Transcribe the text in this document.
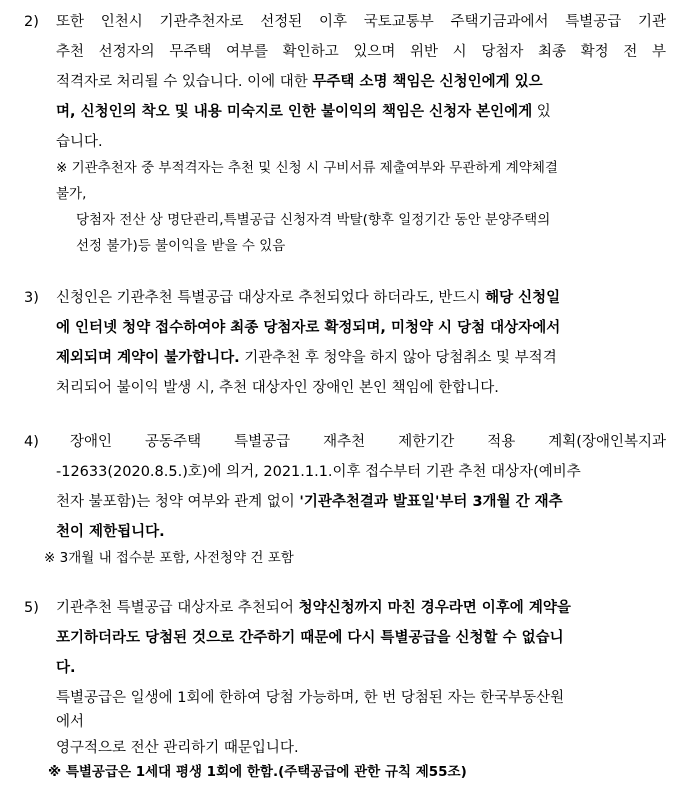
2) 또한 인천시 기관추천자로 선정된 이후 국토교통부 주택기금과에서 특별공급 기관
추천 선정자의 무주택 여부를 확인하고 있으며 위반 시 당첨자 최종 확정 전 부
적격자로 처리될 수 있습니다. 이에 대한 무주택 소명 책임은 신청인에게 있으
며, 신청인의 착오 및 내용 미숙지로 인한 불이익의 책임은 신청자 본인에게 있
습니다.
※ 기관추천자 중 부적격자는 추천 및 신청 시 구비서류 제출여부와 무관하게 계약체결
불가,
당첨자 전산 상 명단관리,특별공급 신청자격 박탈(향후 일정기간 동안 분양주택의
선정 불가)등 불이익을 받을 수 있음
3) 신청인은 기관추천 특별공급 대상자로 추천되었다 하더라도, 반드시 해당 신청일
에 인터넷 청약 접수하여야 최종 당첨자로 확정되며, 미청약 시 당첨 대상자에서
제외되며 계약이 불가합니다. 기관추천 후 청약을 하지 않아 당첨취소 및 부적격
처리되어 불이익 발생 시, 추천 대상자인 장애인 본인 책임에 한합니다.
4) 장애인 공동주택 특별공급 재추천 제한기간 적용 계획(장애인복지과
-12633(2020.8.5.)호)에 의거, 2021.1.1.이후 접수부터 기관 추천 대상자(예비추
천자 불포함)는 청약 여부와 관계 없이 '기관추천결과 발표일'부터 3개월 간 재추
천이 제한됩니다.
※ 3개월 내 접수분 포함, 사전청약 건 포함
5) 기관추천 특별공급 대상자로 추천되어 청약신청까지 마친 경우라면 이후에 계약을
포기하더라도 당첨된 것으로 간주하기 때문에 다시 특별공급을 신청할 수 없습니
다.
특별공급은 일생에 1회에 한하여 당첨 가능하며, 한 번 당첨된 자는 한국부동산원
에서
영구적으로 전산 관리하기 때문입니다.
※ 특별공급은 1세대 평생 1회에 한함.(주택공급에 관한 규칙 제55조)
